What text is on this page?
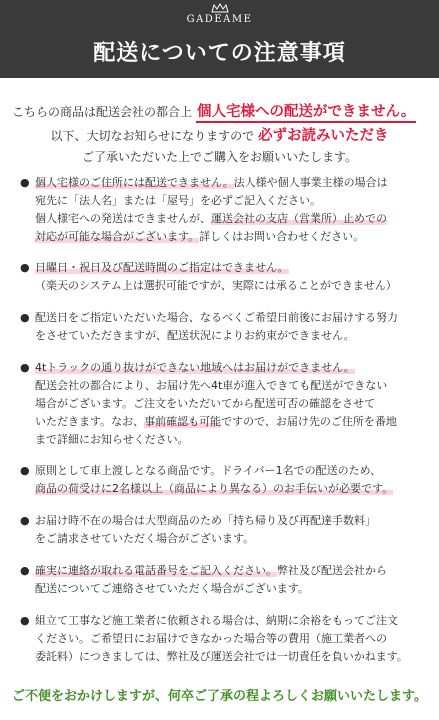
GADEAME
配送についての注意事項
こちらの商品は配送会社の都合上 個人宅様への配送ができません。
以下、大切なお知らせになりますので 必ずお読みいただき
ご了承いただいた上でご購入をお願いいたします。
● 個人宅様のご住所には配送できません。法人様や個人事業主様の場合は
宛先に「法人名」または「屋号」を必ずご記入ください。
個人様宅への発送はできませんが、運送会社の支店（営業所）止めでの
対応が可能な場合がございます。詳しくはお問い合わせください。
● 日曜日・祝日及び配送時間のご指定はできません。
（楽天のシステム上は選択可能ですが、実際には承ることができません）
● 配送日をご指定いただいた場合、なるべくご希望日前後にお届けする努力
をさせていただきますが、配送状況によりお約束ができません。
● 4tトラックの通り抜けができない地域へはお届けができません。
配送会社の都合により、お届け先へ4t車が進入できても配送ができない
場合がございます。ご注文をいただいてから配送可否の確認をさせて
いただきます。なお、事前確認も可能ですので、お届け先のご住所を番地
まで詳細にお知らせください。
● 原則として車上渡しとなる商品です。ドライバー1名での配送のため、
商品の荷受けに2名様以上（商品により異なる）のお手伝いが必要です。
● お届け時不在の場合は大型商品のため「持ち帰り及び再配達手数料」
をご請求させていただく場合がございます。
● 確実に連絡が取れる電話番号をご記入ください。弊社及び配送会社から
配送についてご連絡させていただく場合がございます。
● 組立て工事など施工業者に依頼される場合は、納期に余裕をもってご注文
ください。ご希望日にお届けできなかった場合等の費用（施工業者への
委託料）につきましては、弊社及び運送会社では一切責任を負いかねます。
ご不便をおかけしますが、何卒ご了承の程よろしくお願いいたします。
